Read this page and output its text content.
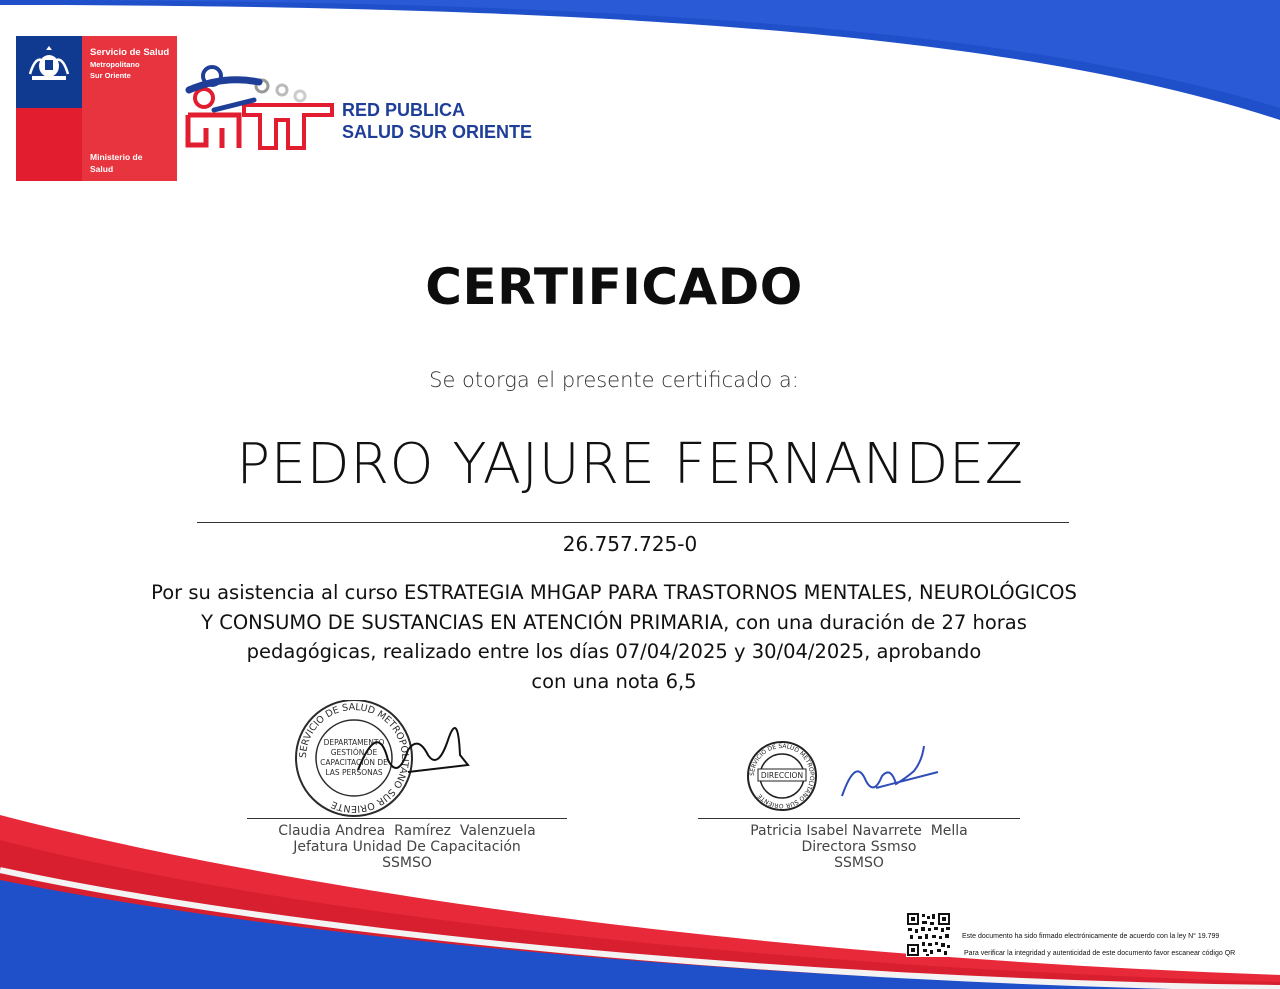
Servicio de Salud
Metropolitano
Sur Oriente
Ministerio de
Salud
RED PUBLICA
SALUD SUR ORIENTE
CERTIFICADO
Se otorga el presente certificado a:
PEDRO YAJURE FERNANDEZ
26.757.725-0
Por su asistencia al curso ESTRATEGIA MHGAP PARA TRASTORNOS MENTALES, NEUROLÓGICOS
Y CONSUMO DE SUSTANCIAS EN ATENCIÓN PRIMARIA, con una duración de 27 horas
pedagógicas, realizado entre los días 07/04/2025 y 30/04/2025, aprobando
con una nota 6,5
SERVICIO DE SALUD METROPOLITANO SUR ORIENTE
DEPARTAMENTO
GESTIÓN DE
CAPACITACIÓN DE
LAS PERSONAS	SERVICIO DE SALUD METROPOLITANO SUR ORIENTE
DIRECCION
Claudia Andrea  Ramírez  Valenzuela
Jefatura Unidad De Capacitación
SSMSO
Patricia Isabel Navarrete  Mella
Directora Ssmso
SSMSO
Este documento ha sido firmado electrónicamente de acuerdo con la ley N° 19.799
Para verificar la integridad y autenticidad de este documento favor escanear código QR
